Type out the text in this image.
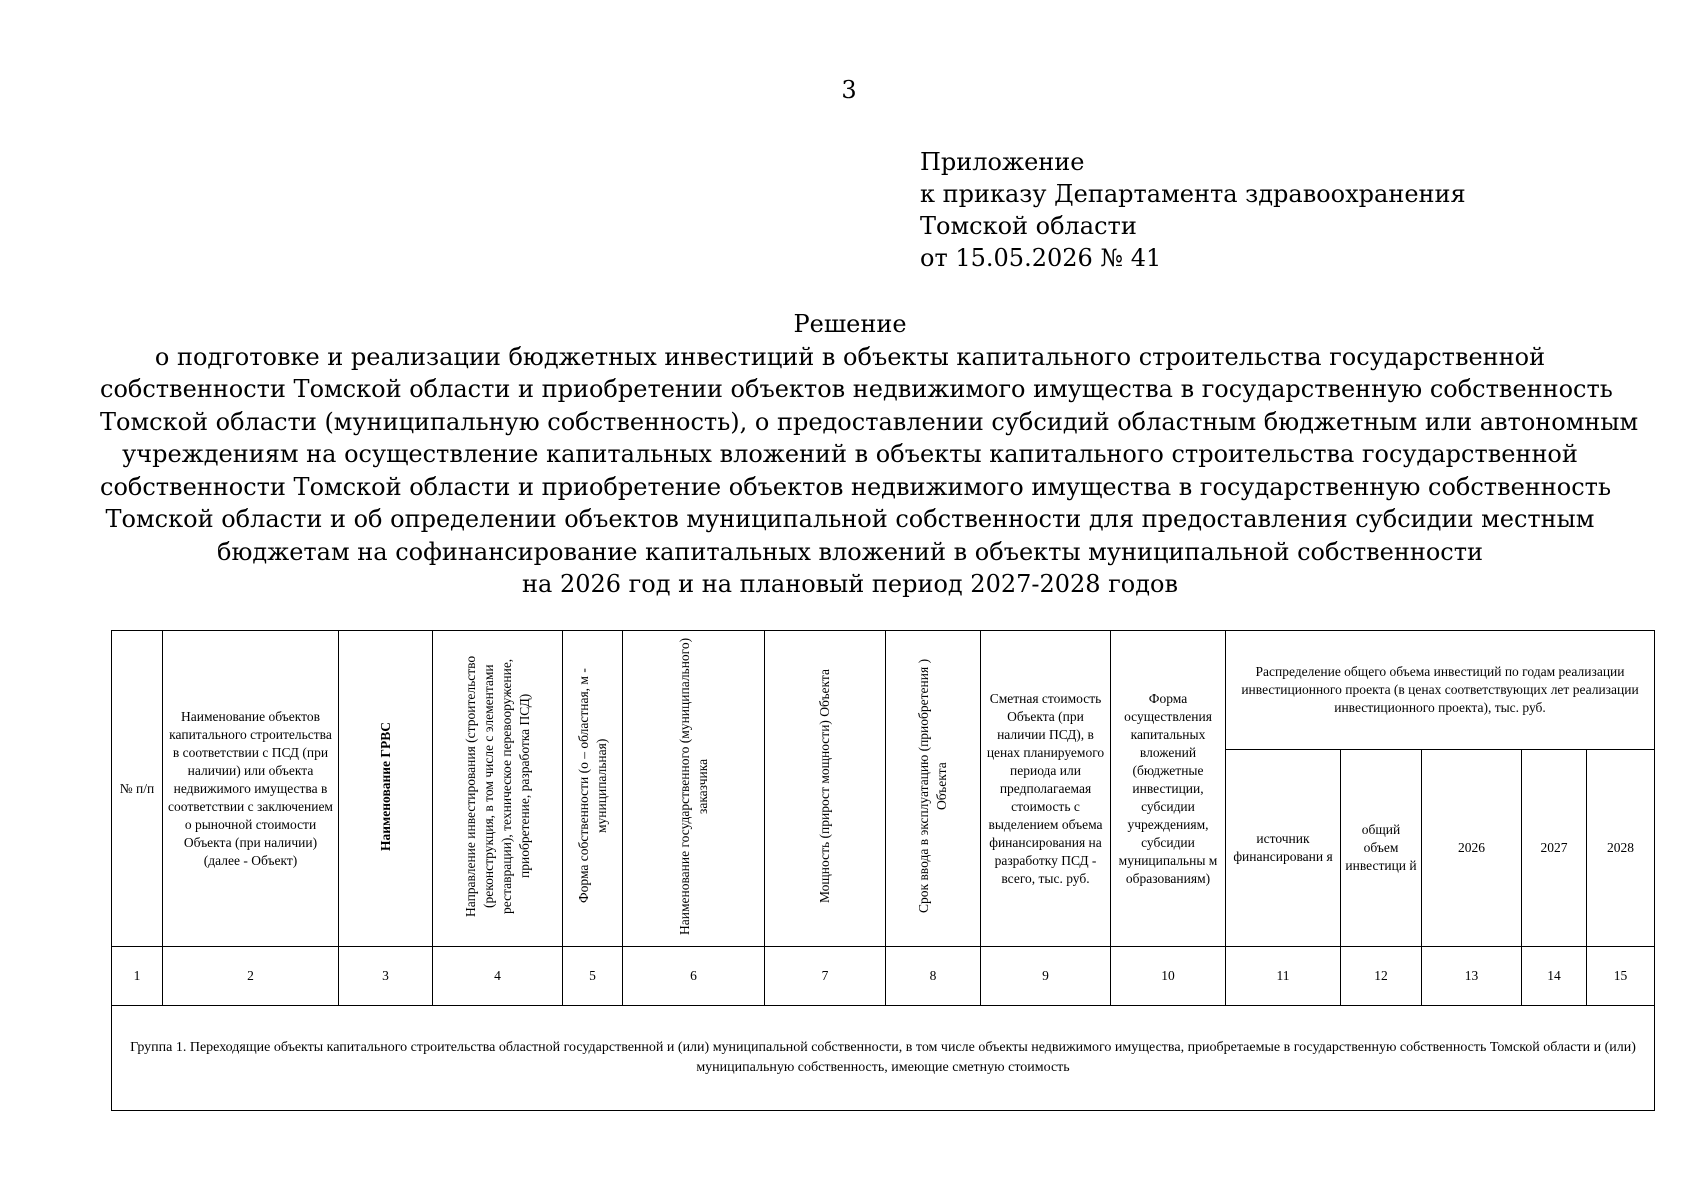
3
Приложение
к приказу Департамента здравоохранения
Томской области
от 15.05.2026 № 41
Решение
о подготовке и реализации бюджетных инвестиций в объекты капитального строительства государственной
собственности Томской области и приобретении объектов недвижимого имущества в государственную собственность
Томской области (муниципальную собственность), о предоставлении субсидий областным бюджетным или автономным
учреждениям на осуществление капитальных вложений в объекты капитального строительства государственной
собственности Томской области и приобретение объектов недвижимого имущества в государственную собственность
Томской области и об определении объектов муниципальной собственности для предоставления субсидии местным
бюджетам на софинансирование капитальных вложений в объекты муниципальной собственности
на 2026 год и на плановый период 2027-2028 годов
№ п/п	Наименование объектов капитального строительства в соответствии с ПСД (при наличии) или объекта недвижимого имущества в соответствии с заключением о рыночной стоимости Объекта (при наличии) (далее - Объект)	Наименование ГРВС	Направление инвестирования (строительство (реконструкция, в том числе с элементами реставрации), техническое перевооружение, приобретение, разработка ПСД)	Форма собственности (о – областная, м - муниципальная)	Наименование государственного (муниципального) заказчика	Мощность (прирост мощности) Объекта	Срок ввода в эксплуатацию (приобретения ) Объекта	Сметная стоимость Объекта (при наличии ПСД), в ценах планируемого периода или предполагаемая стоимость с выделением объема финансирования на разработку ПСД - всего, тыс. руб.	Форма осуществления капитальных вложений (бюджетные инвестиции, субсидии учреждениям, субсидии муниципальны м образованиям)	Распределение общего объема инвестиций по годам реализации инвестиционного проекта (в ценах соответствующих лет реализации инвестиционного проекта), тыс. руб.				
										источник финансировани я	общий объем инвестици й	2026	2027	2028
1	2	3	4	5	6	7	8	9	10	11	12	13	14	15
Группа 1. Переходящие объекты капитального строительства областной государственной и (или) муниципальной собственности, в том числе объекты недвижимого имущества, приобретаемые в государственную собственность Томской области и (или) муниципальную собственность, имеющие сметную стоимость														
